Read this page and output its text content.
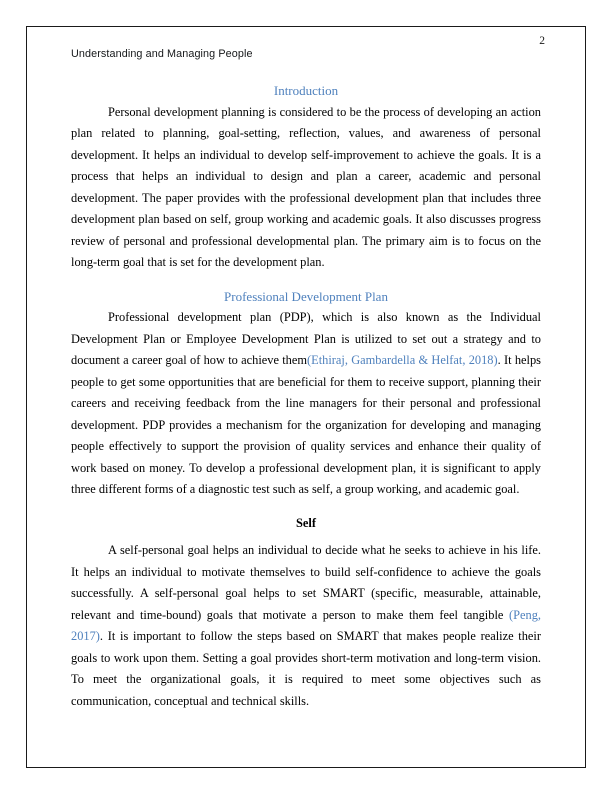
2
Understanding and Managing People
Introduction

Personal development planning is considered to be the process of developing an action plan related to planning, goal-setting, reflection, values, and awareness of personal development. It helps an individual to develop self-improvement to achieve the goals. It is a process that helps an individual to design and plan a career, academic and personal development. The paper provides with the professional development plan that includes three development plan based on self, group working and academic goals. It also discusses progress review of personal and professional developmental plan. The primary aim is to focus on the long-term goal that is set for the development plan.

Professional Development Plan

Professional development plan (PDP), which is also known as the Individual Development Plan or Employee Development Plan is utilized to set out a strategy and to document a career goal of how to achieve them(Ethiraj, Gambardella & Helfat, 2018). It helps people to get some opportunities that are beneficial for them to receive support, planning their careers and receiving feedback from the line managers for their personal and professional development. PDP provides a mechanism for the organization for developing and managing people effectively to support the provision of quality services and enhance their quality of work based on money. To develop a professional development plan, it is significant to apply three different forms of a diagnostic test such as self, a group working, and academic goal.

Self

A self-personal goal helps an individual to decide what he seeks to achieve in his life. It helps an individual to motivate themselves to build self-confidence to achieve the goals successfully. A self-personal goal helps to set SMART (specific, measurable, attainable, relevant and time-bound) goals that motivate a person to make them feel tangible (Peng, 2017). It is important to follow the steps based on SMART that makes people realize their goals to work upon them. Setting a goal provides short-term motivation and long-term vision. To meet the organizational goals, it is required to meet some objectives such as communication, conceptual and technical skills.
